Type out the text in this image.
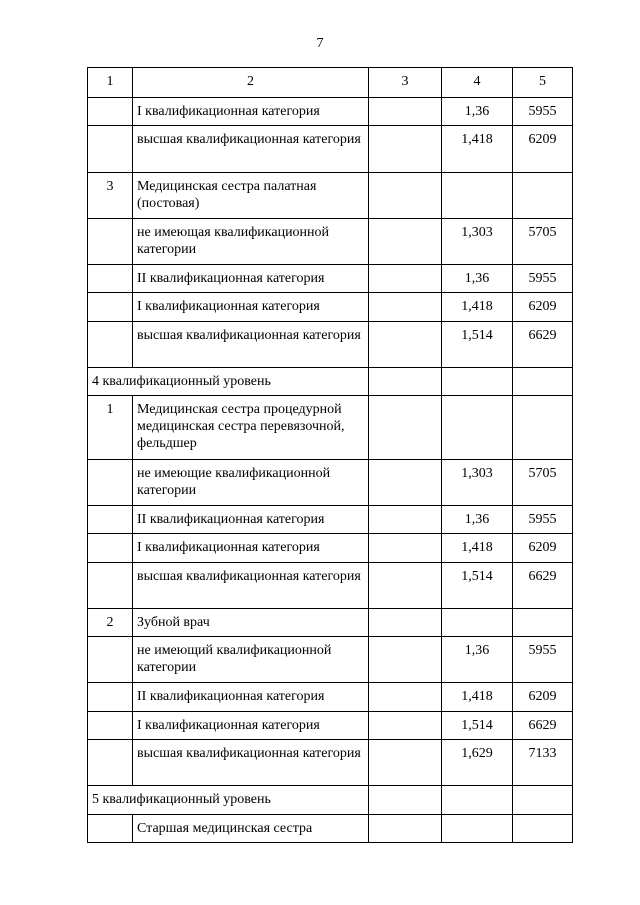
7
1	2	3	4	5

	I квалификационная категория		1,36	5955

	высшая квалификационная категория		1,418	6209

3	Медицинская сестра палатная (постовая)			

	не имеющая квалификационной категории		1,303	5705

	II квалификационная категория		1,36	5955

	I квалификационная категория		1,418	6209

	высшая квалификационная категория		1,514	6629

4 квалификационный уровень				

1	Медицинская сестра процедурной медицинская сестра перевязочной, фельдшер			

	не имеющие квалификационной категории		1,303	5705

	II квалификационная категория		1,36	5955

	I квалификационная категория		1,418	6209

	высшая квалификационная категория		1,514	6629

2	Зубной врач			

	не имеющий квалификационной категории		1,36	5955

	II квалификационная категория		1,418	6209

	I квалификационная категория		1,514	6629

	высшая квалификационная категория		1,629	7133

5 квалификационный уровень				

	Старшая медицинская сестра			
